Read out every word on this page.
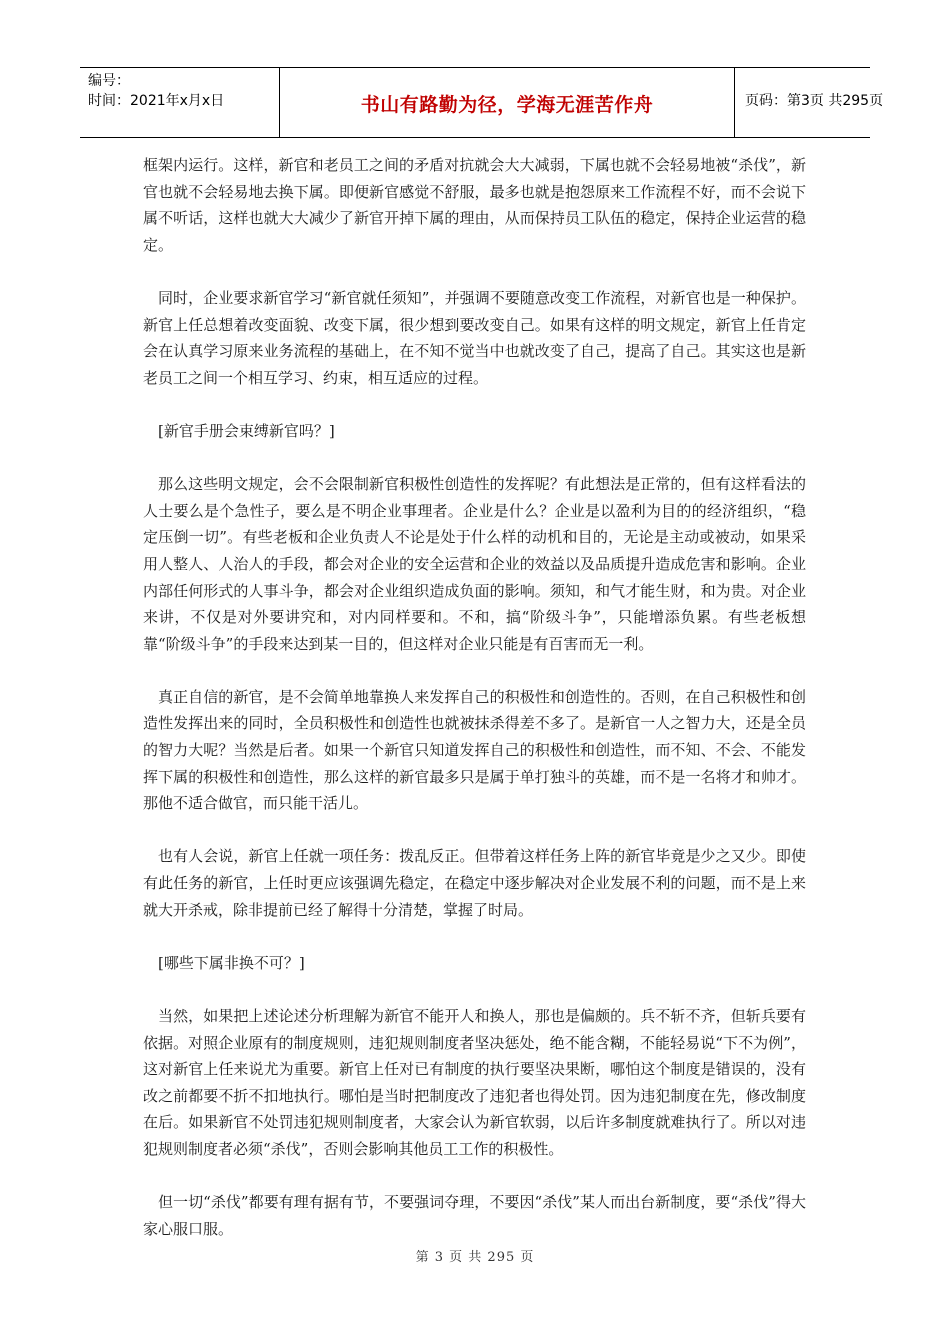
编号：
时间：2021年x月x日	书山有路勤为径，学海无涯苦作舟	页码：第3页 共295页

框架内运行。这样，新官和老员工之间的矛盾对抗就会大大减弱，下属也就不会轻易地被“杀伐”，新官也就不会轻易地去换下属。即便新官感觉不舒服，最多也就是抱怨原来工作流程不好，而不会说下属不听话，这样也就大大减少了新官开掉下属的理由，从而保持员工队伍的稳定，保持企业运营的稳定。

同时，企业要求新官学习“新官就任须知”，并强调不要随意改变工作流程，对新官也是一种保护。新官上任总想着改变面貌、改变下属，很少想到要改变自己。如果有这样的明文规定，新官上任肯定会在认真学习原来业务流程的基础上，在不知不觉当中也就改变了自己，提高了自己。其实这也是新老员工之间一个相互学习、约束，相互适应的过程。

[新官手册会束缚新官吗？]

那么这些明文规定，会不会限制新官积极性创造性的发挥呢？有此想法是正常的，但有这样看法的人士要么是个急性子，要么是不明企业事理者。企业是什么？企业是以盈利为目的的经济组织，“稳定压倒一切”。有些老板和企业负责人不论是处于什么样的动机和目的，无论是主动或被动，如果采用人整人、人治人的手段，都会对企业的安全运营和企业的效益以及品质提升造成危害和影响。企业内部任何形式的人事斗争，都会对企业组织造成负面的影响。须知，和气才能生财，和为贵。对企业来讲，不仅是对外要讲究和，对内同样要和。不和，搞“阶级斗争”，只能增添负累。有些老板想靠“阶级斗争”的手段来达到某一目的，但这样对企业只能是有百害而无一利。

真正自信的新官，是不会简单地靠换人来发挥自己的积极性和创造性的。否则，在自己积极性和创造性发挥出来的同时，全员积极性和创造性也就被抹杀得差不多了。是新官一人之智力大，还是全员的智力大呢？当然是后者。如果一个新官只知道发挥自己的积极性和创造性，而不知、不会、不能发挥下属的积极性和创造性，那么这样的新官最多只是属于单打独斗的英雄，而不是一名将才和帅才。那他不适合做官，而只能干活儿。

也有人会说，新官上任就一项任务：拨乱反正。但带着这样任务上阵的新官毕竟是少之又少。即使有此任务的新官，上任时更应该强调先稳定，在稳定中逐步解决对企业发展不利的问题，而不是上来就大开杀戒，除非提前已经了解得十分清楚，掌握了时局。

[哪些下属非换不可？]

当然，如果把上述论述分析理解为新官不能开人和换人，那也是偏颇的。兵不斩不齐，但斩兵要有依据。对照企业原有的制度规则，违犯规则制度者坚决惩处，绝不能含糊，不能轻易说“下不为例”，这对新官上任来说尤为重要。新官上任对已有制度的执行要坚决果断，哪怕这个制度是错误的，没有改之前都要不折不扣地执行。哪怕是当时把制度改了违犯者也得处罚。因为违犯制度在先，修改制度在后。如果新官不处罚违犯规则制度者，大家会认为新官软弱，以后许多制度就难执行了。所以对违犯规则制度者必须“杀伐”，否则会影响其他员工工作的积极性。

但一切“杀伐”都要有理有据有节，不要强词夺理，不要因“杀伐”某人而出台新制度，要“杀伐”得大家心服口服。

第 3 页 共 295 页
